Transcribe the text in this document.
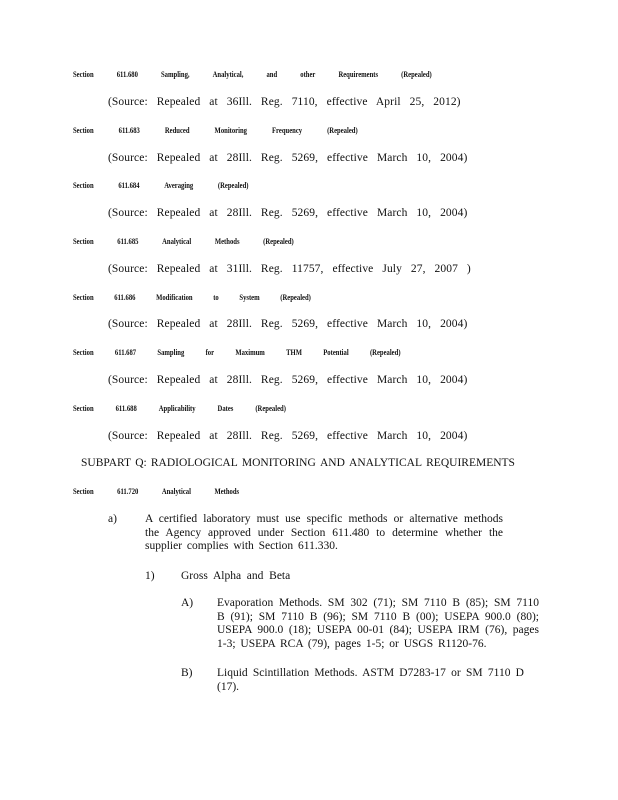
Section	611.680	Sampling,	Analytical,	and	other	Requirements	(Repealed)
(Source: Repealed at 36Ill. Reg. 7110, effective April 25, 2012)
Section	611.683	Reduced	Monitoring	Frequency	(Repealed)
(Source: Repealed at 28Ill. Reg. 5269, effective March 10, 2004)
Section	611.684	Averaging	(Repealed)
(Source: Repealed at 28Ill. Reg. 5269, effective March 10, 2004)
Section	611.685	Analytical	Methods	(Repealed)
(Source: Repealed at 31Ill. Reg. 11757, effective July 27, 2007 )
Section 611.686 Modification to System (Repealed)
(Source: Repealed at 28Ill. Reg. 5269, effective March 10, 2004)
Section	611.687	Sampling	for	Maximum	THM	Potential	(Repealed)
(Source: Repealed at 28Ill. Reg. 5269, effective March 10, 2004)
Section	611.688	Applicability	Dates	(Repealed)
(Source: Repealed at 28Ill. Reg. 5269, effective March 10, 2004)
SUBPART Q: RADIOLOGICAL MONITORING AND ANALYTICAL REQUIREMENTS
Section	611.720	Analytical	Methods
a) A certified laboratory must use specific methods or alternative methods the Agency approved under Section 611.480 to determine whether the supplier complies with Section 611.330.
1) Gross  Alpha  and  Beta
A) Evaporation Methods. SM 302 (71); SM 7110 B (85); SM 7110 B (91); SM 7110 B (96); SM 7110 B (00); USEPA 900.0 (80); USEPA 900.0 (18); USEPA 00-01 (84); USEPA IRM (76), pages 1-3; USEPA RCA (79), pages 1-5; or USGS R1120-76.
B) Liquid Scintillation Methods. ASTM D7283-17 or SM 7110 D (17).
